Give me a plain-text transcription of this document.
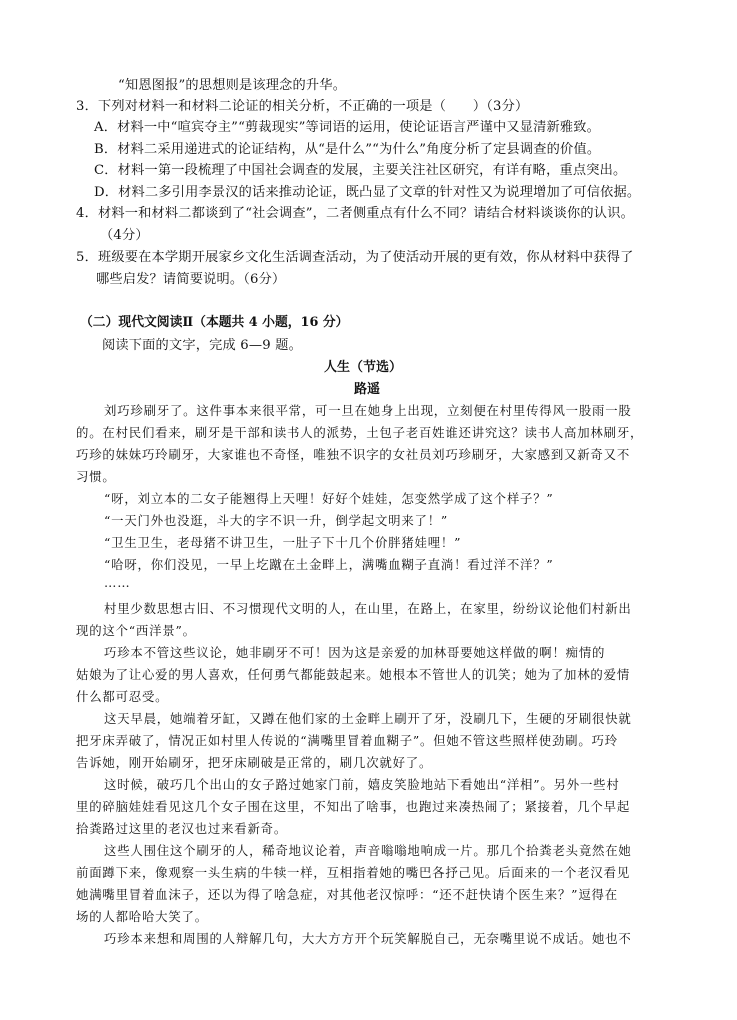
“知恩图报”的思想则是该理念的升华。
3．下列对材料一和材料二论证的相关分析，不正确的一项是（　　）（3分）
A．材料一中“喧宾夺主”“剪裁现实”等词语的运用，使论证语言严谨中又显清新雅致。
B．材料二采用递进式的论证结构，从“是什么”“为什么”角度分析了定县调查的价值。
C．材料一第一段梳理了中国社会调查的发展，主要关注社区研究，有详有略，重点突出。
D．材料二多引用李景汉的话来推动论证，既凸显了文章的针对性又为说理增加了可信依据。
4．材料一和材料二都谈到了“社会调查”，二者侧重点有什么不同？请结合材料谈谈你的认识。
（4分）
5．班级要在本学期开展家乡文化生活调查活动，为了使活动开展的更有效，你从材料中获得了
哪些启发？请简要说明。（6分）
（二）现代文阅读Ⅱ（本题共 4 小题，16 分）
阅读下面的文字，完成 6—9 题。
人生（节选）
路遥
刘巧珍刷牙了。这件事本来很平常，可一旦在她身上出现，立刻便在村里传得风一股雨一股
的。在村民们看来，刷牙是干部和读书人的派势，土包子老百姓谁还讲究这？读书人高加林刷牙，
巧珍的妹妹巧玲刷牙，大家谁也不奇怪，唯独不识字的女社员刘巧珍刷牙，大家感到又新奇又不
习惯。
“呀，刘立本的二女子能翘得上天哩！好好个娃娃，怎变然学成了这个样子？”
“一天门外也没逛，斗大的字不识一升，倒学起文明来了！”
“卫生卫生，老母猪不讲卫生，一肚子下十几个价胖猪娃哩！”
“哈呀，你们没见，一早上圪蹴在土金畔上，满嘴血糊子直淌！看过洋不洋？”
……
村里少数思想古旧、不习惯现代文明的人，在山里，在路上，在家里，纷纷议论他们村新出
现的这个“西洋景”。
巧珍本不管这些议论，她非刷牙不可！因为这是亲爱的加林哥要她这样做的啊！痴情的
姑娘为了让心爱的男人喜欢，任何勇气都能鼓起来。她根本不管世人的讥笑；她为了加林的爱情
什么都可忍受。
这天早晨，她端着牙缸，又蹲在他们家的土金畔上刷开了牙，没刷几下，生硬的牙刷很快就
把牙床弄破了，情况正如村里人传说的“满嘴里冒着血糊子”。但她不管这些照样使劲刷。巧玲
告诉她，刚开始刷牙，把牙床刷破是正常的，刷几次就好了。
这时候，破巧几个出山的女子路过她家门前，嬉皮笑脸地站下看她出“洋相”。另外一些村
里的碎脑娃娃看见这几个女子围在这里，不知出了啥事，也跑过来凑热闹了；紧接着，几个早起
拾粪路过这里的老汉也过来看新奇。
这些人围住这个刷牙的人，稀奇地议论着，声音嗡嗡地响成一片。那几个拾粪老头竟然在她
前面蹲下来，像观察一头生病的牛犊一样，互相指着她的嘴巴各抒己见。后面来的一个老汉看见
她满嘴里冒着血沫子，还以为得了啥急症，对其他老汉惊呼：“还不赶快请个医生来？”逗得在
场的人都哈哈大笑了。
巧珍本来想和周围的人辩解几句，大大方方开个玩笑解脱自己，无奈嘴里说不成话。她也不
